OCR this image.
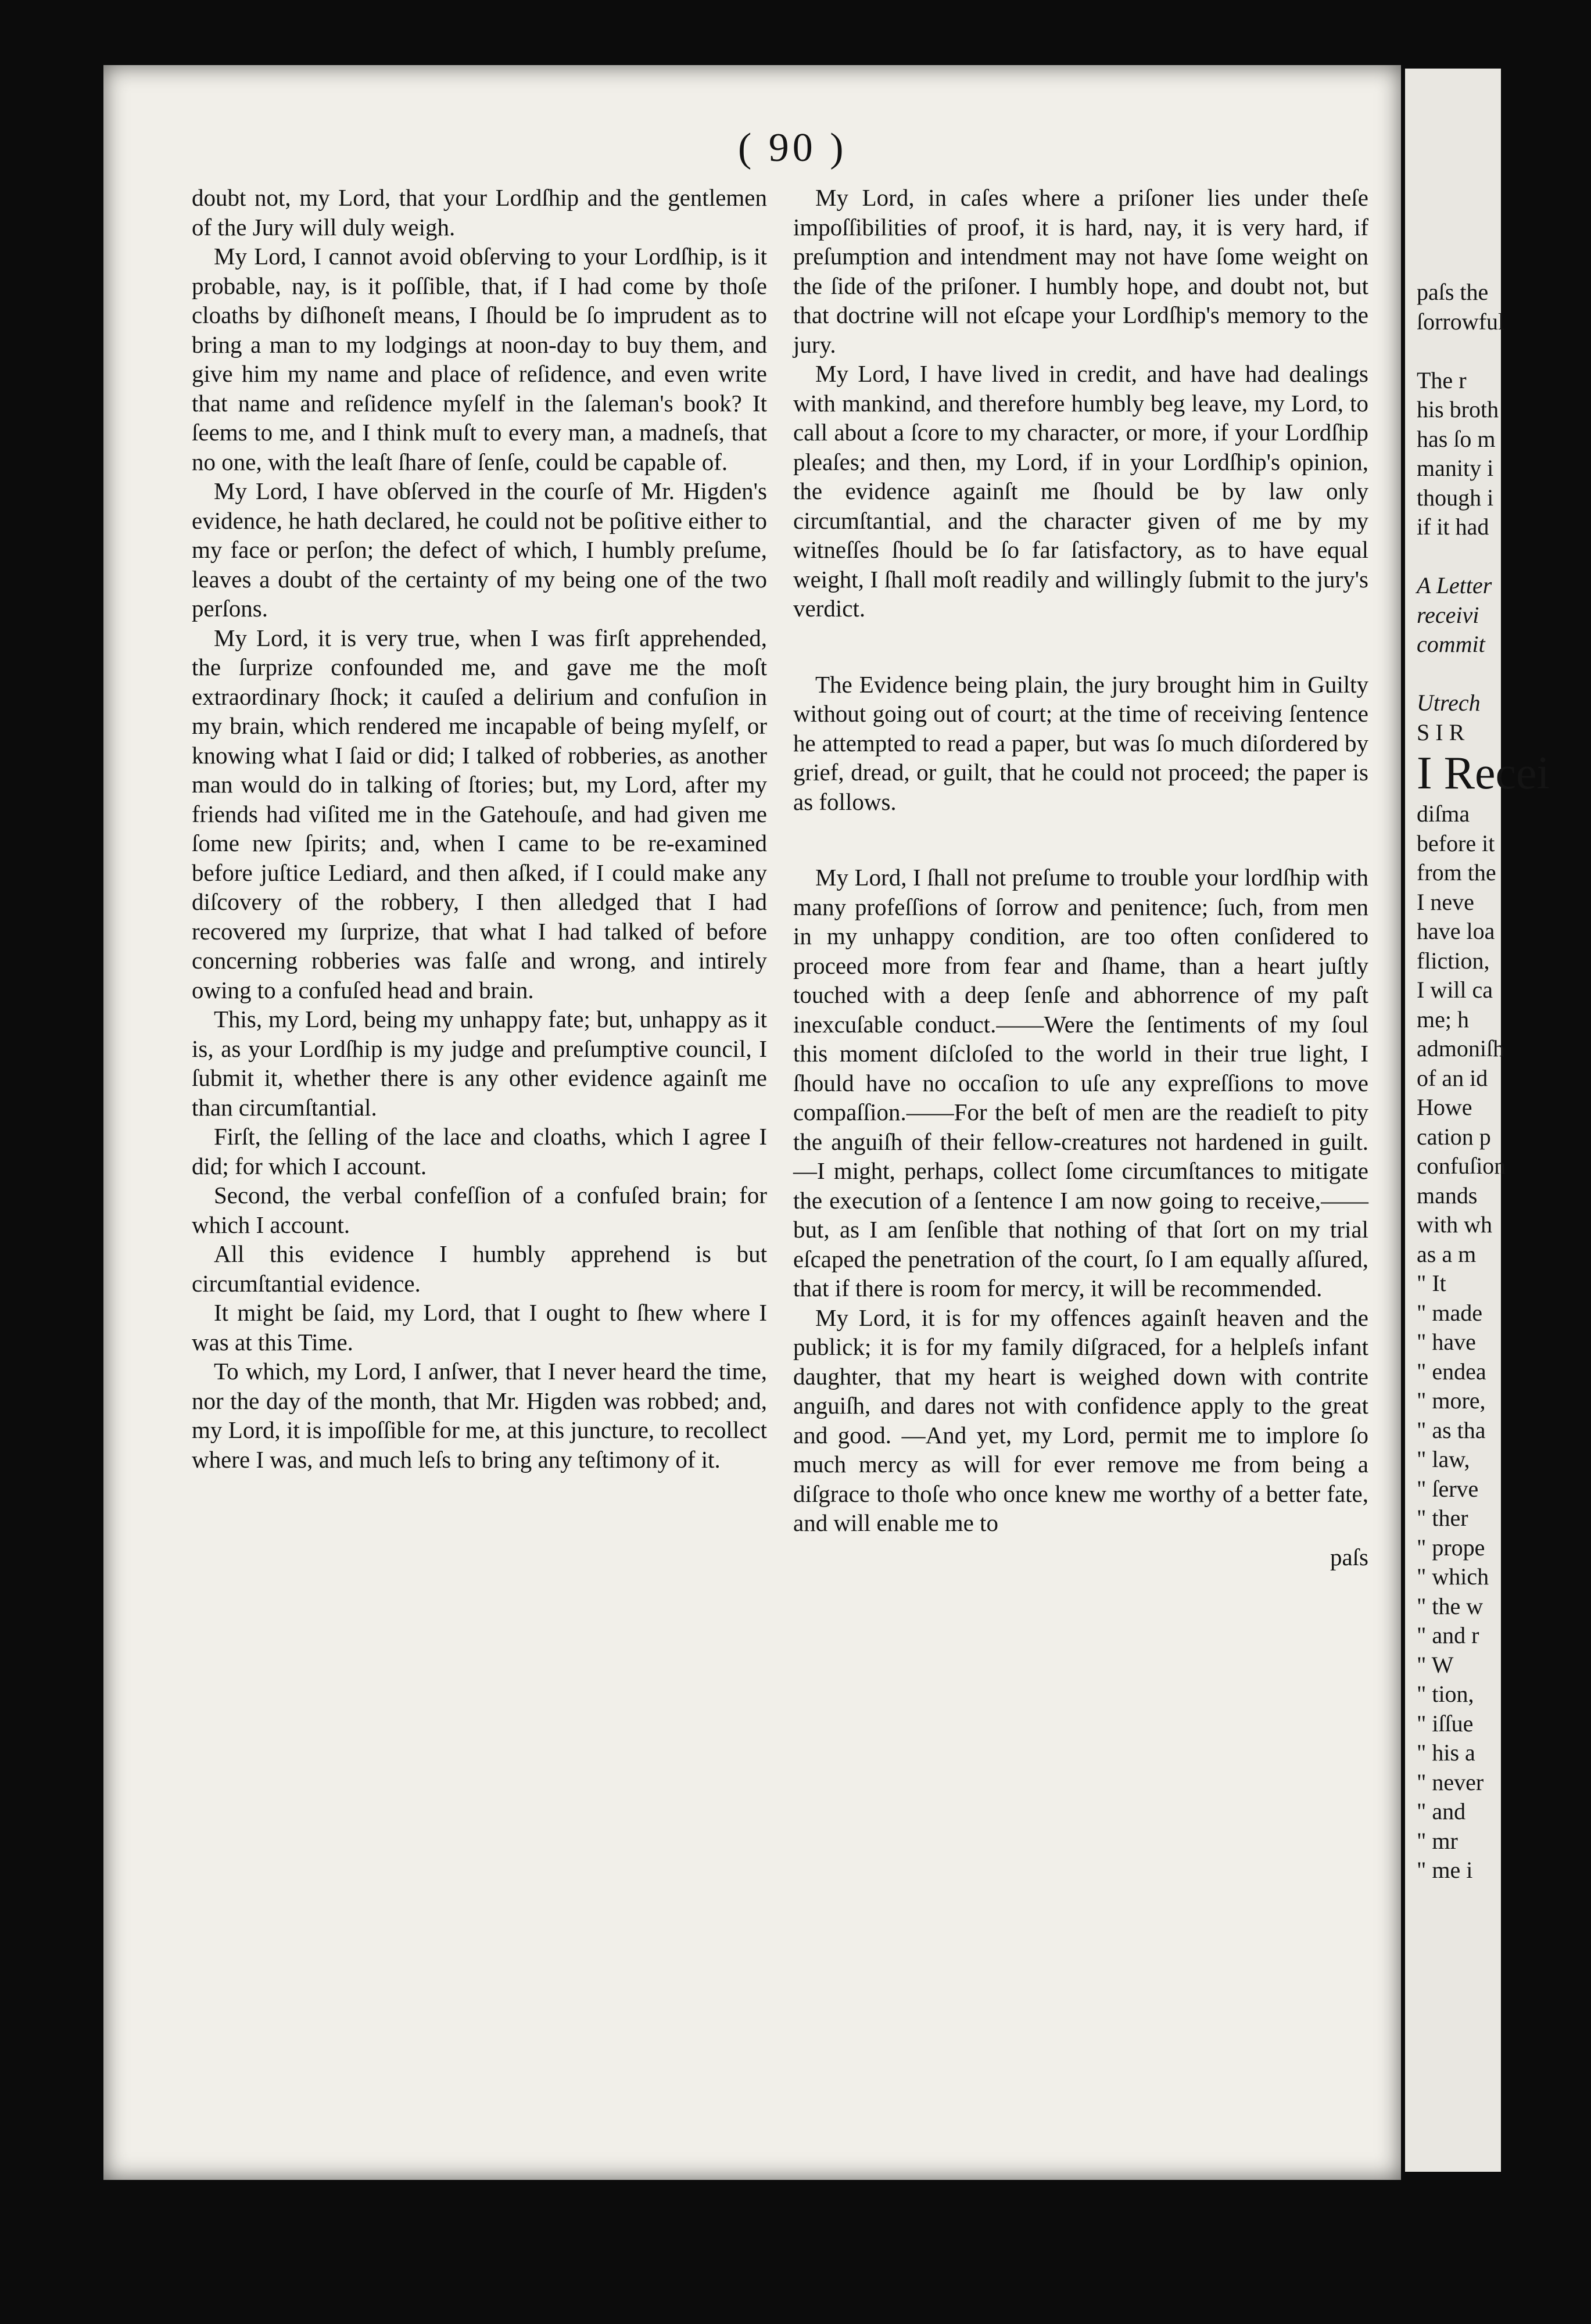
paſs the
ſorrowful
The r
his broth
has ſo m
manity i
though i
if it had
A Letter
receivi
commit
Utrech
S I R
I Recei
diſma
before it
from the
I neve
have loa
fliction,
I will ca
me; h
admoniſh
of an id
Howe
cation p
confuſion
mands
with wh
as a m
" It
" made
" have
" endea
" more,
" as tha
" law,
" ſerve
" ther
" prope
" which
" the w
" and r
" W
" tion,
" iſſue
" his a
" never
" and
" mr
" me i
( 90 )

doubt not, my Lord, that your Lordſhip and the gentlemen of the Jury will duly weigh.

My Lord, I cannot avoid obſerving to your Lordſhip, is it probable, nay, is it poſſible, that, if I had come by thoſe cloaths by diſhoneſt means, I ſhould be ſo imprudent as to bring a man to my lodgings at noon-day to buy them, and give him my name and place of reſidence, and even write that name and reſidence myſelf in the ſaleman's book? It ſeems to me, and I think muſt to every man, a madneſs, that no one, with the leaſt ſhare of ſenſe, could be capable of.

My Lord, I have obſerved in the courſe of Mr. Higden's evidence, he hath declared, he could not be poſitive either to my face or perſon; the defect of which, I humbly preſume, leaves a doubt of the certainty of my being one of the two perſons.

My Lord, it is very true, when I was firſt apprehended, the ſurprize confounded me, and gave me the moſt extraordinary ſhock; it cauſed a delirium and confuſion in my brain, which rendered me incapable of being myſelf, or knowing what I ſaid or did; I talked of robberies, as another man would do in talking of ſtories; but, my Lord, after my friends had viſited me in the Gatehouſe, and had given me ſome new ſpirits; and, when I came to be re-examined before juſtice Lediard, and then aſked, if I could make any diſcovery of the robbery, I then alledged that I had recovered my ſurprize, that what I had talked of before concerning robberies was falſe and wrong, and intirely owing to a confuſed head and brain.

This, my Lord, being my unhappy fate; but, unhappy as it is, as your Lordſhip is my judge and preſumptive council, I ſubmit it, whether there is any other evidence againſt me than circumſtantial.

Firſt, the ſelling of the lace and cloaths, which I agree I did; for which I account.

Second, the verbal confeſſion of a confuſed brain; for which I account.

All this evidence I humbly apprehend is but circumſtantial evidence.

It might be ſaid, my Lord, that I ought to ſhew where I was at this Time.

To which, my Lord, I anſwer, that I never heard the time, nor the day of the month, that Mr. Higden was robbed; and, my Lord, it is impoſſible for me, at this juncture, to recollect where I was, and much leſs to bring any teſtimony of it.

My Lord, in caſes where a priſoner lies under theſe impoſſibilities of proof, it is hard, nay, it is very hard, if preſumption and intendment may not have ſome weight on the ſide of the priſoner. I humbly hope, and doubt not, but that doctrine will not eſcape your Lordſhip's memory to the jury.

My Lord, I have lived in credit, and have had dealings with mankind, and therefore humbly beg leave, my Lord, to call about a ſcore to my character, or more, if your Lordſhip pleaſes; and then, my Lord, if in your Lordſhip's opinion, the evidence againſt me ſhould be by law only circumſtantial, and the character given of me by my witneſſes ſhould be ſo far ſatisfactory, as to have equal weight, I ſhall moſt readily and willingly ſubmit to the jury's verdict.

The Evidence being plain, the jury brought him in Guilty without going out of court; at the time of receiving ſentence he attempted to read a paper, but was ſo much diſordered by grief, dread, or guilt, that he could not proceed; the paper is as follows.

My Lord, I ſhall not preſume to trouble your lordſhip with many profeſſions of ſorrow and penitence; ſuch, from men in my unhappy condition, are too often conſidered to proceed more from fear and ſhame, than a heart juſtly touched with a deep ſenſe and abhorrence of my paſt inexcuſable conduct.——Were the ſentiments of my ſoul this moment diſcloſed to the world in their true light, I ſhould have no occaſion to uſe any expreſſions to move compaſſion.——For the beſt of men are the readieſt to pity the anguiſh of their fellow-creatures not hardened in guilt.—I might, perhaps, collect ſome circumſtances to mitigate the execution of a ſentence I am now going to receive,—— but, as I am ſenſible that nothing of that ſort on my trial eſcaped the penetration of the court, ſo I am equally aſſured, that if there is room for mercy, it will be recommended.

My Lord, it is for my offences againſt heaven and the publick; it is for my family diſgraced, for a helpleſs infant daughter, that my heart is weighed down with contrite anguiſh, and dares not with confidence apply to the great and good. —And yet, my Lord, permit me to implore ſo much mercy as will for ever remove me from being a diſgrace to thoſe who once knew me worthy of a better fate, and will enable me to

paſs
